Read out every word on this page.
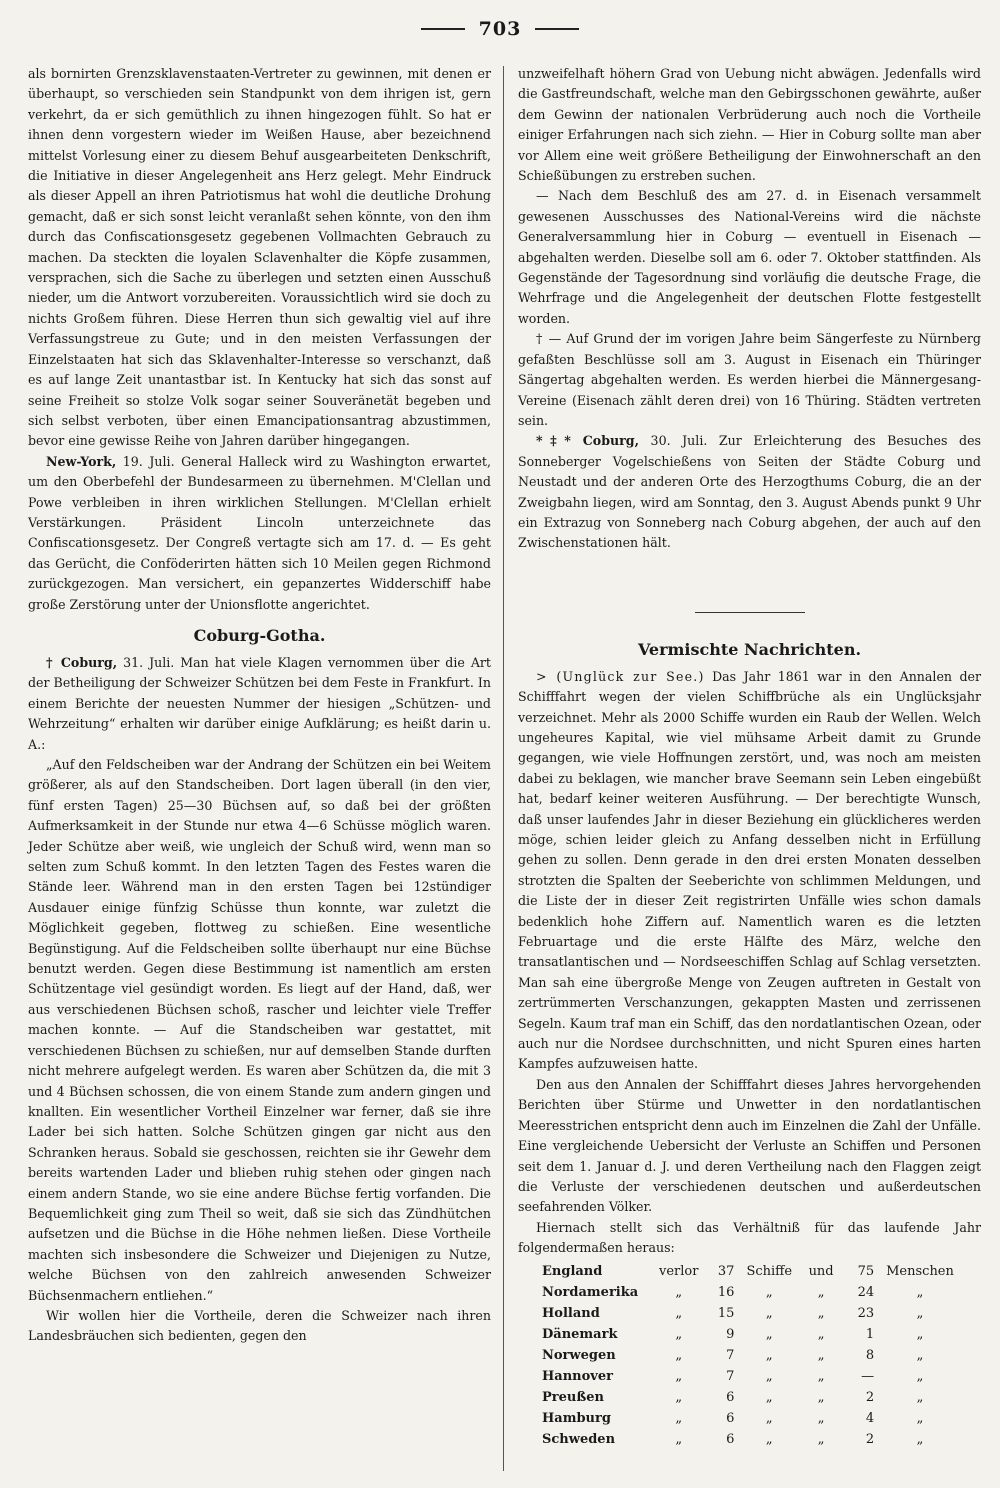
703

als bornirten Grenzsklavenstaaten-Vertreter zu gewinnen, mit denen er überhaupt, so verschieden sein Standpunkt von dem ihrigen ist, gern verkehrt, da er sich gemüthlich zu ihnen hingezogen fühlt. So hat er ihnen denn vorgestern wieder im Weißen Hause, aber bezeichnend mittelst Vorlesung einer zu diesem Behuf ausgearbeiteten Denkschrift, die Initiative in dieser Angelegenheit ans Herz gelegt. Mehr Eindruck als dieser Appell an ihren Patriotismus hat wohl die deutliche Drohung gemacht, daß er sich sonst leicht veranlaßt sehen könnte, von den ihm durch das Confiscationsgesetz gegebenen Vollmachten Gebrauch zu machen. Da steckten die loyalen Sclavenhalter die Köpfe zusammen, versprachen, sich die Sache zu überlegen und setzten einen Ausschuß nieder, um die Antwort vorzubereiten. Voraussichtlich wird sie doch zu nichts Großem führen. Diese Herren thun sich gewaltig viel auf ihre Verfassungstreue zu Gute; und in den meisten Verfassungen der Einzelstaaten hat sich das Sklavenhalter-Interesse so verschanzt, daß es auf lange Zeit unantastbar ist. In Kentucky hat sich das sonst auf seine Freiheit so stolze Volk sogar seiner Souveränetät begeben und sich selbst verboten, über einen Emancipationsantrag abzustimmen, bevor eine gewisse Reihe von Jahren darüber hingegangen.

New-York, 19. Juli. General Halleck wird zu Washington erwartet, um den Oberbefehl der Bundesarmeen zu übernehmen. M'Clellan und Powe verbleiben in ihren wirklichen Stellungen. M'Clellan erhielt Verstärkungen. Präsident Lincoln unterzeichnete das Confiscationsgesetz. Der Congreß vertagte sich am 17. d. — Es geht das Gerücht, die Conföderirten hätten sich 10 Meilen gegen Richmond zurückgezogen. Man versichert, ein gepanzertes Widderschiff habe große Zerstörung unter der Unionsflotte angerichtet.

Coburg-Gotha.

† Coburg, 31. Juli. Man hat viele Klagen vernommen über die Art der Betheiligung der Schweizer Schützen bei dem Feste in Frankfurt. In einem Berichte der neuesten Nummer der hiesigen „Schützen- und Wehrzeitung“ erhalten wir darüber einige Aufklärung; es heißt darin u. A.:

„Auf den Feldscheiben war der Andrang der Schützen ein bei Weitem größerer, als auf den Standscheiben. Dort lagen überall (in den vier, fünf ersten Tagen) 25—30 Büchsen auf, so daß bei der größten Aufmerksamkeit in der Stunde nur etwa 4—6 Schüsse möglich waren. Jeder Schütze aber weiß, wie ungleich der Schuß wird, wenn man so selten zum Schuß kommt. In den letzten Tagen des Festes waren die Stände leer. Während man in den ersten Tagen bei 12stündiger Ausdauer einige fünfzig Schüsse thun konnte, war zuletzt die Möglichkeit gegeben, flottweg zu schießen. Eine wesentliche Begünstigung. Auf die Feldscheiben sollte überhaupt nur eine Büchse benutzt werden. Gegen diese Bestimmung ist namentlich am ersten Schützentage viel gesündigt worden. Es liegt auf der Hand, daß, wer aus verschiedenen Büchsen schoß, rascher und leichter viele Treffer machen konnte. — Auf die Standscheiben war gestattet, mit verschiedenen Büchsen zu schießen, nur auf demselben Stande durften nicht mehrere aufgelegt werden. Es waren aber Schützen da, die mit 3 und 4 Büchsen schossen, die von einem Stande zum andern gingen und knallten. Ein wesentlicher Vortheil Einzelner war ferner, daß sie ihre Lader bei sich hatten. Solche Schützen gingen gar nicht aus den Schranken heraus. Sobald sie geschossen, reichten sie ihr Gewehr dem bereits wartenden Lader und blieben ruhig stehen oder gingen nach einem andern Stande, wo sie eine andere Büchse fertig vorfanden. Die Bequemlichkeit ging zum Theil so weit, daß sie sich das Zündhütchen aufsetzen und die Büchse in die Höhe nehmen ließen. Diese Vortheile machten sich insbesondere die Schweizer und Diejenigen zu Nutze, welche Büchsen von den zahlreich anwesenden Schweizer Büchsenmachern entliehen.“

Wir wollen hier die Vortheile, deren die Schweizer nach ihren Landesbräuchen sich bedienten, gegen den

unzweifelhaft höhern Grad von Uebung nicht abwägen. Jedenfalls wird die Gastfreundschaft, welche man den Gebirgsschonen gewährte, außer dem Gewinn der nationalen Verbrüderung auch noch die Vortheile einiger Erfahrungen nach sich ziehn. — Hier in Coburg sollte man aber vor Allem eine weit größere Betheiligung der Einwohnerschaft an den Schießübungen zu erstreben suchen.

— Nach dem Beschluß des am 27. d. in Eisenach versammelt gewesenen Ausschusses des National-Vereins wird die nächste Generalversammlung hier in Coburg — eventuell in Eisenach — abgehalten werden. Dieselbe soll am 6. oder 7. Oktober stattfinden. Als Gegenstände der Tagesordnung sind vorläufig die deutsche Frage, die Wehrfrage und die Angelegenheit der deutschen Flotte festgestellt worden.

† — Auf Grund der im vorigen Jahre beim Sängerfeste zu Nürnberg gefaßten Beschlüsse soll am 3. August in Eisenach ein Thüringer Sängertag abgehalten werden. Es werden hierbei die Männergesang-Vereine (Eisenach zählt deren drei) von 16 Thüring. Städten vertreten sein.

*‡* Coburg, 30. Juli. Zur Erleichterung des Besuches des Sonneberger Vogelschießens von Seiten der Städte Coburg und Neustadt und der anderen Orte des Herzogthums Coburg, die an der Zweigbahn liegen, wird am Sonntag, den 3. August Abends punkt 9 Uhr ein Extrazug von Sonneberg nach Coburg abgehen, der auch auf den Zwischenstationen hält.

Vermischte Nachrichten.

> (Unglück zur See.) Das Jahr 1861 war in den Annalen der Schifffahrt wegen der vielen Schiffbrüche als ein Unglücksjahr verzeichnet. Mehr als 2000 Schiffe wurden ein Raub der Wellen. Welch ungeheures Kapital, wie viel mühsame Arbeit damit zu Grunde gegangen, wie viele Hoffnungen zerstört, und, was noch am meisten dabei zu beklagen, wie mancher brave Seemann sein Leben eingebüßt hat, bedarf keiner weiteren Ausführung. — Der berechtigte Wunsch, daß unser laufendes Jahr in dieser Beziehung ein glücklicheres werden möge, schien leider gleich zu Anfang desselben nicht in Erfüllung gehen zu sollen. Denn gerade in den drei ersten Monaten desselben strotzten die Spalten der Seeberichte von schlimmen Meldungen, und die Liste der in dieser Zeit registrirten Unfälle wies schon damals bedenklich hohe Ziffern auf. Namentlich waren es die letzten Februartage und die erste Hälfte des März, welche den transatlantischen und — Nordseeschiffen Schlag auf Schlag versetzten. Man sah eine übergroße Menge von Zeugen auftreten in Gestalt von zertrümmerten Verschanzungen, gekappten Masten und zerrissenen Segeln. Kaum traf man ein Schiff, das den nordatlantischen Ozean, oder auch nur die Nordsee durchschnitten, und nicht Spuren eines harten Kampfes aufzuweisen hatte.

Den aus den Annalen der Schifffahrt dieses Jahres hervorgehenden Berichten über Stürme und Unwetter in den nordatlantischen Meeresstrichen entspricht denn auch im Einzelnen die Zahl der Unfälle. Eine vergleichende Uebersicht der Verluste an Schiffen und Personen seit dem 1. Januar d. J. und deren Vertheilung nach den Flaggen zeigt die Verluste der verschiedenen deutschen und außerdeutschen seefahrenden Völker.

Hiernach stellt sich das Verhältniß für das laufende Jahr folgendermaßen heraus:

England	verlor	37	Schiffe	und	75	Menschen
Nordamerika	„	16	„	„	24	„
Holland	„	15	„	„	23	„
Dänemark	„	9	„	„	1	„
Norwegen	„	7	„	„	8	„
Hannover	„	7	„	„	—	„
Preußen	„	6	„	„	2	„
Hamburg	„	6	„	„	4	„
Schweden	„	6	„	„	2	„
